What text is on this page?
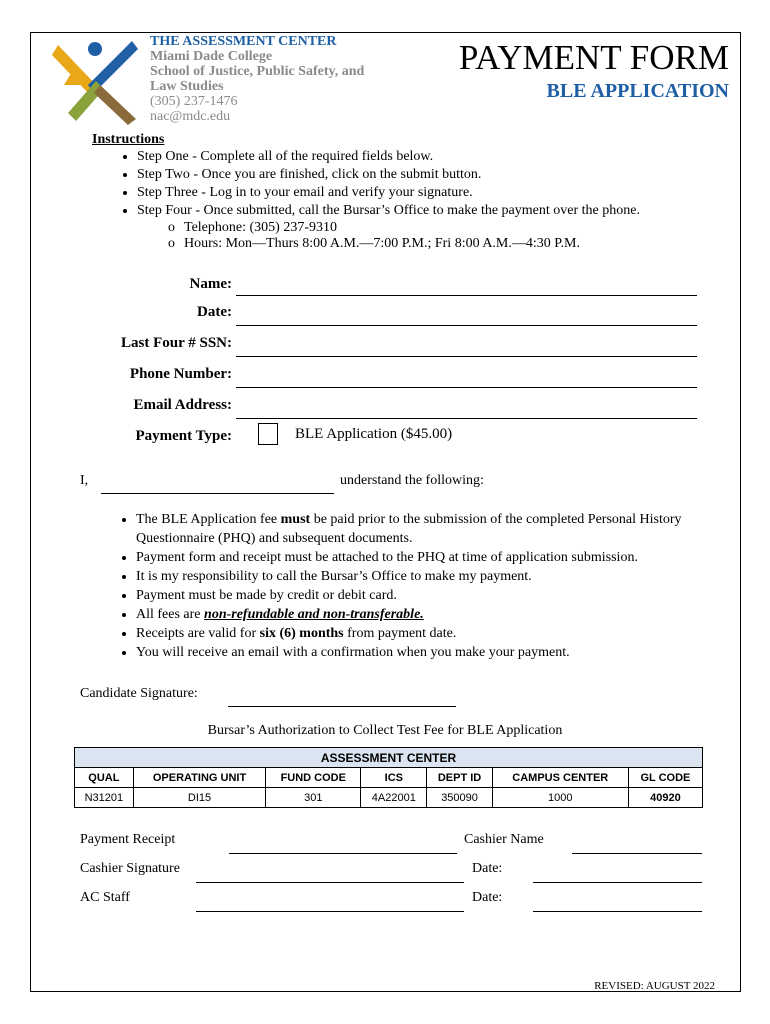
THE ASSESSMENT CENTER
Miami Dade College
School of Justice, Public Safety, and
Law Studies
(305) 237-1476
nac@mdc.edu
PAYMENT FORM
BLE APPLICATION
Instructions
• Step One - Complete all of the required fields below.
• Step Two - Once you are finished, click on the submit button.
• Step Three - Log in to your email and verify your signature.
• Step Four - Once submitted, call the Bursar’s Office to make the payment over the phone.
o Telephone: (305) 237-9310
o Hours: Mon—Thurs 8:00 A.M.—7:00 P.M.; Fri 8:00 A.M.—4:30 P.M.
Name:
Date:
Last Four # SSN:
Phone Number:
Email Address:
Payment Type:	BLE Application ($45.00)
I,	understand the following:
• The BLE Application fee must be paid prior to the submission of the completed Personal History Questionnaire (PHQ) and subsequent documents.
• Payment form and receipt must be attached to the PHQ at time of application submission.
• It is my responsibility to call the Bursar’s Office to make my payment.
• Payment must be made by credit or debit card.
• All fees are non-refundable and non-transferable.
• Receipts are valid for six (6) months from payment date.
• You will receive an email with a confirmation when you make your payment.
Candidate Signature:
Bursar’s Authorization to Collect Test Fee for BLE Application
ASSESSMENT CENTER						
QUAL	OPERATING UNIT	FUND CODE	ICS	DEPT ID	CAMPUS CENTER	GL CODE
N31201	DI15	301	4A22001	350090	1000	40920
Payment Receipt	Cashier Name
Cashier Signature	Date:
AC Staff	Date:
REVISED: AUGUST 2022
